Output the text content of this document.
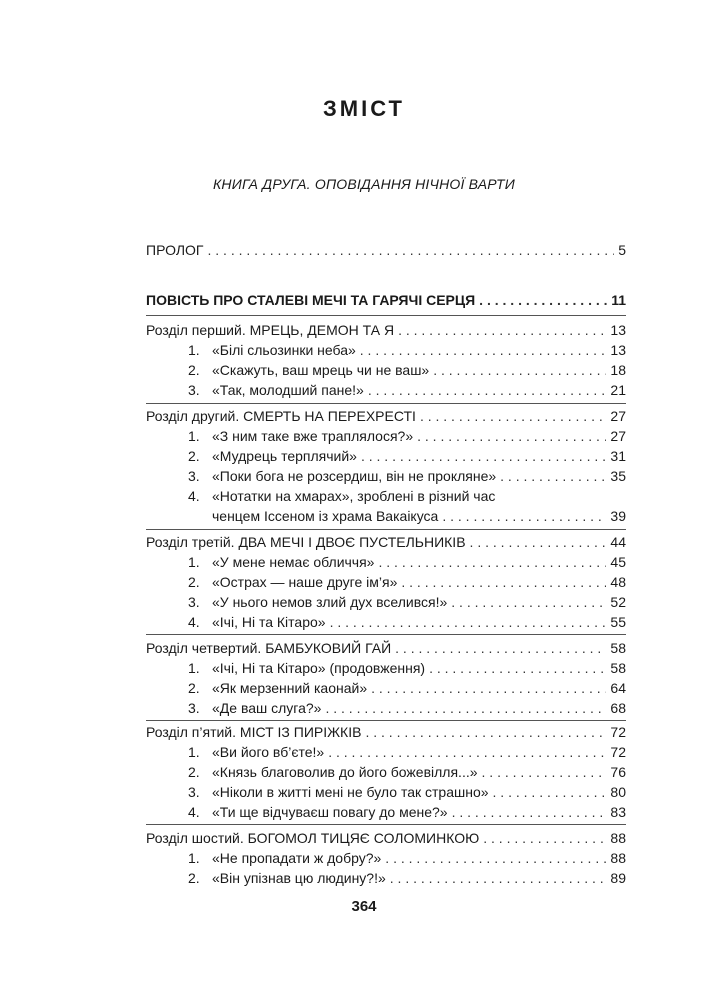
ЗМІСТ
КНИГА ДРУГА. ОПОВІДАННЯ НІЧНОЇ ВАРТИ
ПРОЛОГ . . .	5
ПОВІСТЬ ПРО СТАЛЕВІ МЕЧІ ТА ГАРЯЧІ СЕРЦЯ . . .	11
Розділ перший. МРЕЦЬ, ДЕМОН ТА Я . . .	13
1. «Білі сльозинки неба» . . .	13
2. «Скажуть, ваш мрець чи не ваш» . . .	18
3. «Так, молодший пане!» . . .	21
Розділ другий. СМЕРТЬ НА ПЕРЕХРЕСТІ . . .	27
1. «З ним таке вже траплялося?» . . .	27
2. «Мудрець терплячий» . . .	31
3. «Поки бога не розсердиш, він не прокляне» . . .	35
4. «Нотатки на хмарах», зроблені в різний час
ченцем Іссеном із храма Вакаікуса . . .	39
Розділ третій. ДВА МЕЧІ І ДВОЄ ПУСТЕЛЬНИКІВ . . .	44
1. «У мене немає обличчя» . . .	45
2. «Острах — наше друге ім’я» . . .	48
3. «У нього немов злий дух вселився!» . . .	52
4. «Ічі, Ні та Кітаро» . . .	55
Розділ четвертий. БАМБУКОВИЙ ГАЙ . . .	58
1. «Ічі, Ні та Кітаро» (продовження) . . .	58
2. «Як мерзенний каонай» . . .	64
3. «Де ваш слуга?» . . .	68
Розділ п’ятий. МІСТ ІЗ ПИРІЖКІВ . . .	72
1. «Ви його вб’єте!» . . .	72
2. «Князь благоволив до його божевілля...» . . .	76
3. «Ніколи в житті мені не було так страшно» . . .	80
4. «Ти ще відчуваєш повагу до мене?» . . .	83
Розділ шостий. БОГОМОЛ ТИЦЯЄ СОЛОМИНКОЮ . . .	88
1. «Не пропадати ж добру?» . . .	88
2. «Він упізнав цю людину?!» . . .	89
364
